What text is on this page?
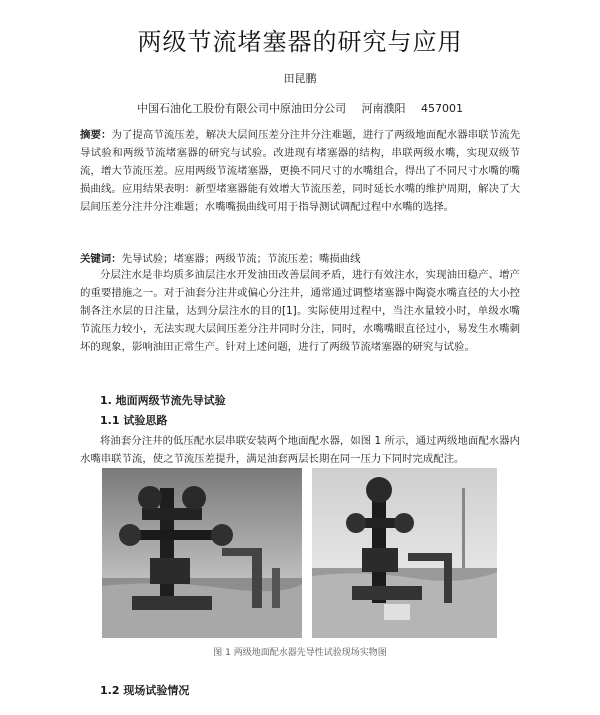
两级节流堵塞器的研究与应用
田昆鹏
中国石油化工股份有限公司中原油田分公司 河南濮阳 457001

摘要：为了提高节流压差，解决大层间压差分注井分注难题，进行了两级地面配水器串联节流先导试验和两级节流堵塞器的研究与试验。改进现有堵塞器的结构，串联两级水嘴，实现双级节流，增大节流压差。应用两级节流堵塞器，更换不同尺寸的水嘴组合，得出了不同尺寸水嘴的嘴损曲线。应用结果表明：新型堵塞器能有效增大节流压差，同时延长水嘴的维护周期，解决了大层间压差分注井分注难题；水嘴嘴损曲线可用于指导测试调配过程中水嘴的选择。

关键词：先导试验；堵塞器；两级节流；节流压差；嘴损曲线

分层注水是非均质多油层注水开发油田改善层间矛盾，进行有效注水，实现油田稳产、增产的重要措施之一。对于油套分注井或偏心分注井，通常通过调整堵塞器中陶瓷水嘴直径的大小控制各注水层的日注量，达到分层注水的目的[1]。实际使用过程中，当注水量较小时，单级水嘴节流压力较小，无法实现大层间压差分注井同时分注，同时，水嘴嘴眼直径过小，易发生水嘴刺坏的现象，影响油田正常生产。针对上述问题，进行了两级节流堵塞器的研究与试验。

1. 地面两级节流先导试验
1.1 试验思路

将油套分注井的低压配水层串联安装两个地面配水器，如图 1 所示，通过两级地面配水器内水嘴串联节流，使之节流压差提升，满足油套两层长期在同一压力下同时完成配注。

图 1 两级地面配水器先导性试验现场实物图
1.2 现场试验情况
